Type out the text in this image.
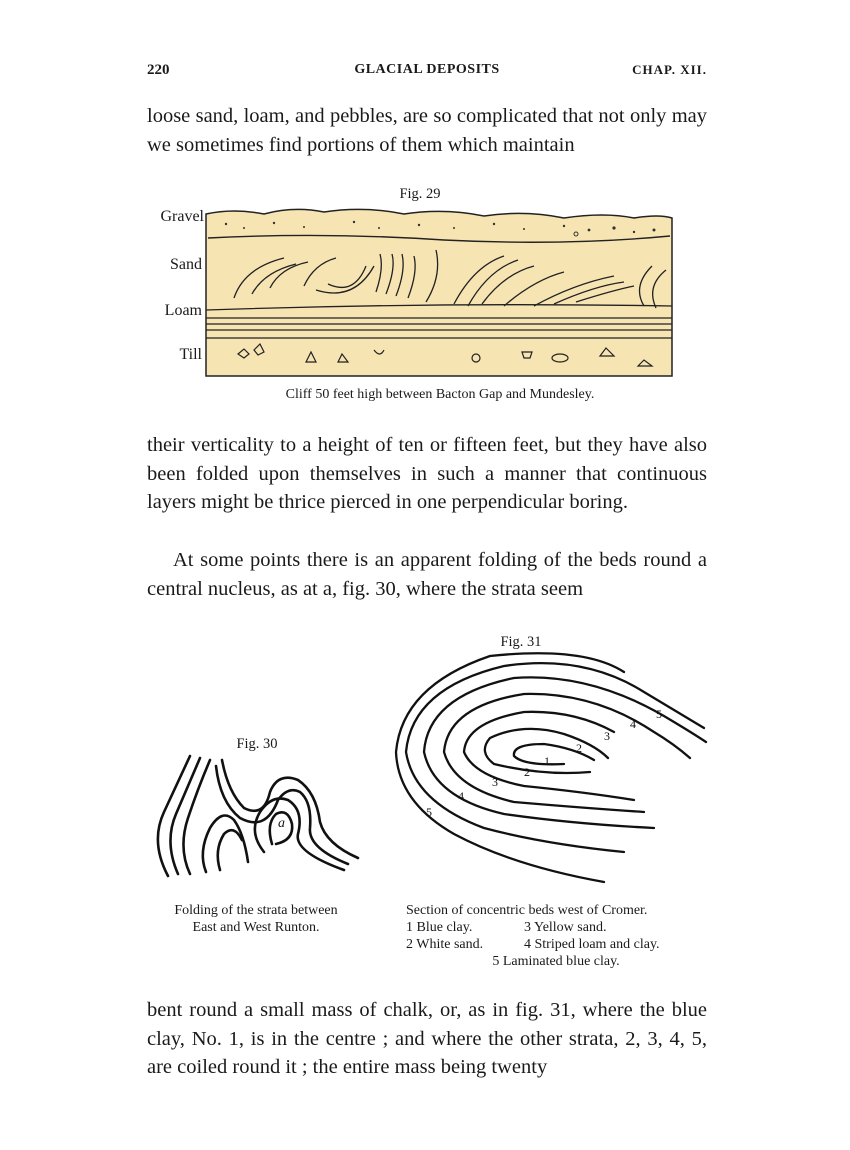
220	GLACIAL DEPOSITS	CHAP. XII.
loose sand, loam, and pebbles, are so complicated that not only may we sometimes find portions of them which maintain
Fig. 29
Gravel
Sand
Loam
Till
Cliff 50 feet high between Bacton Gap and Mundesley.
their verticality to a height of ten or fifteen feet, but they have also been folded upon themselves in such a manner that continuous layers might be thrice pierced in one perpendicular boring.
At some points there is an apparent folding of the beds round a central nucleus, as at a, fig. 30, where the strata seem
Fig. 30
a
Folding of the strata between
East and West Runton.
Fig. 31
1
2
2
3
3
4
4
5
5
Section of concentric beds west of Cromer.
1 Blue clay.	3 Yellow sand.
2 White sand.	4 Striped loam and clay.
5 Laminated blue clay.
bent round a small mass of chalk, or, as in fig. 31, where the blue clay, No. 1, is in the centre ; and where the other strata, 2, 3, 4, 5, are coiled round it ; the entire mass being twenty
